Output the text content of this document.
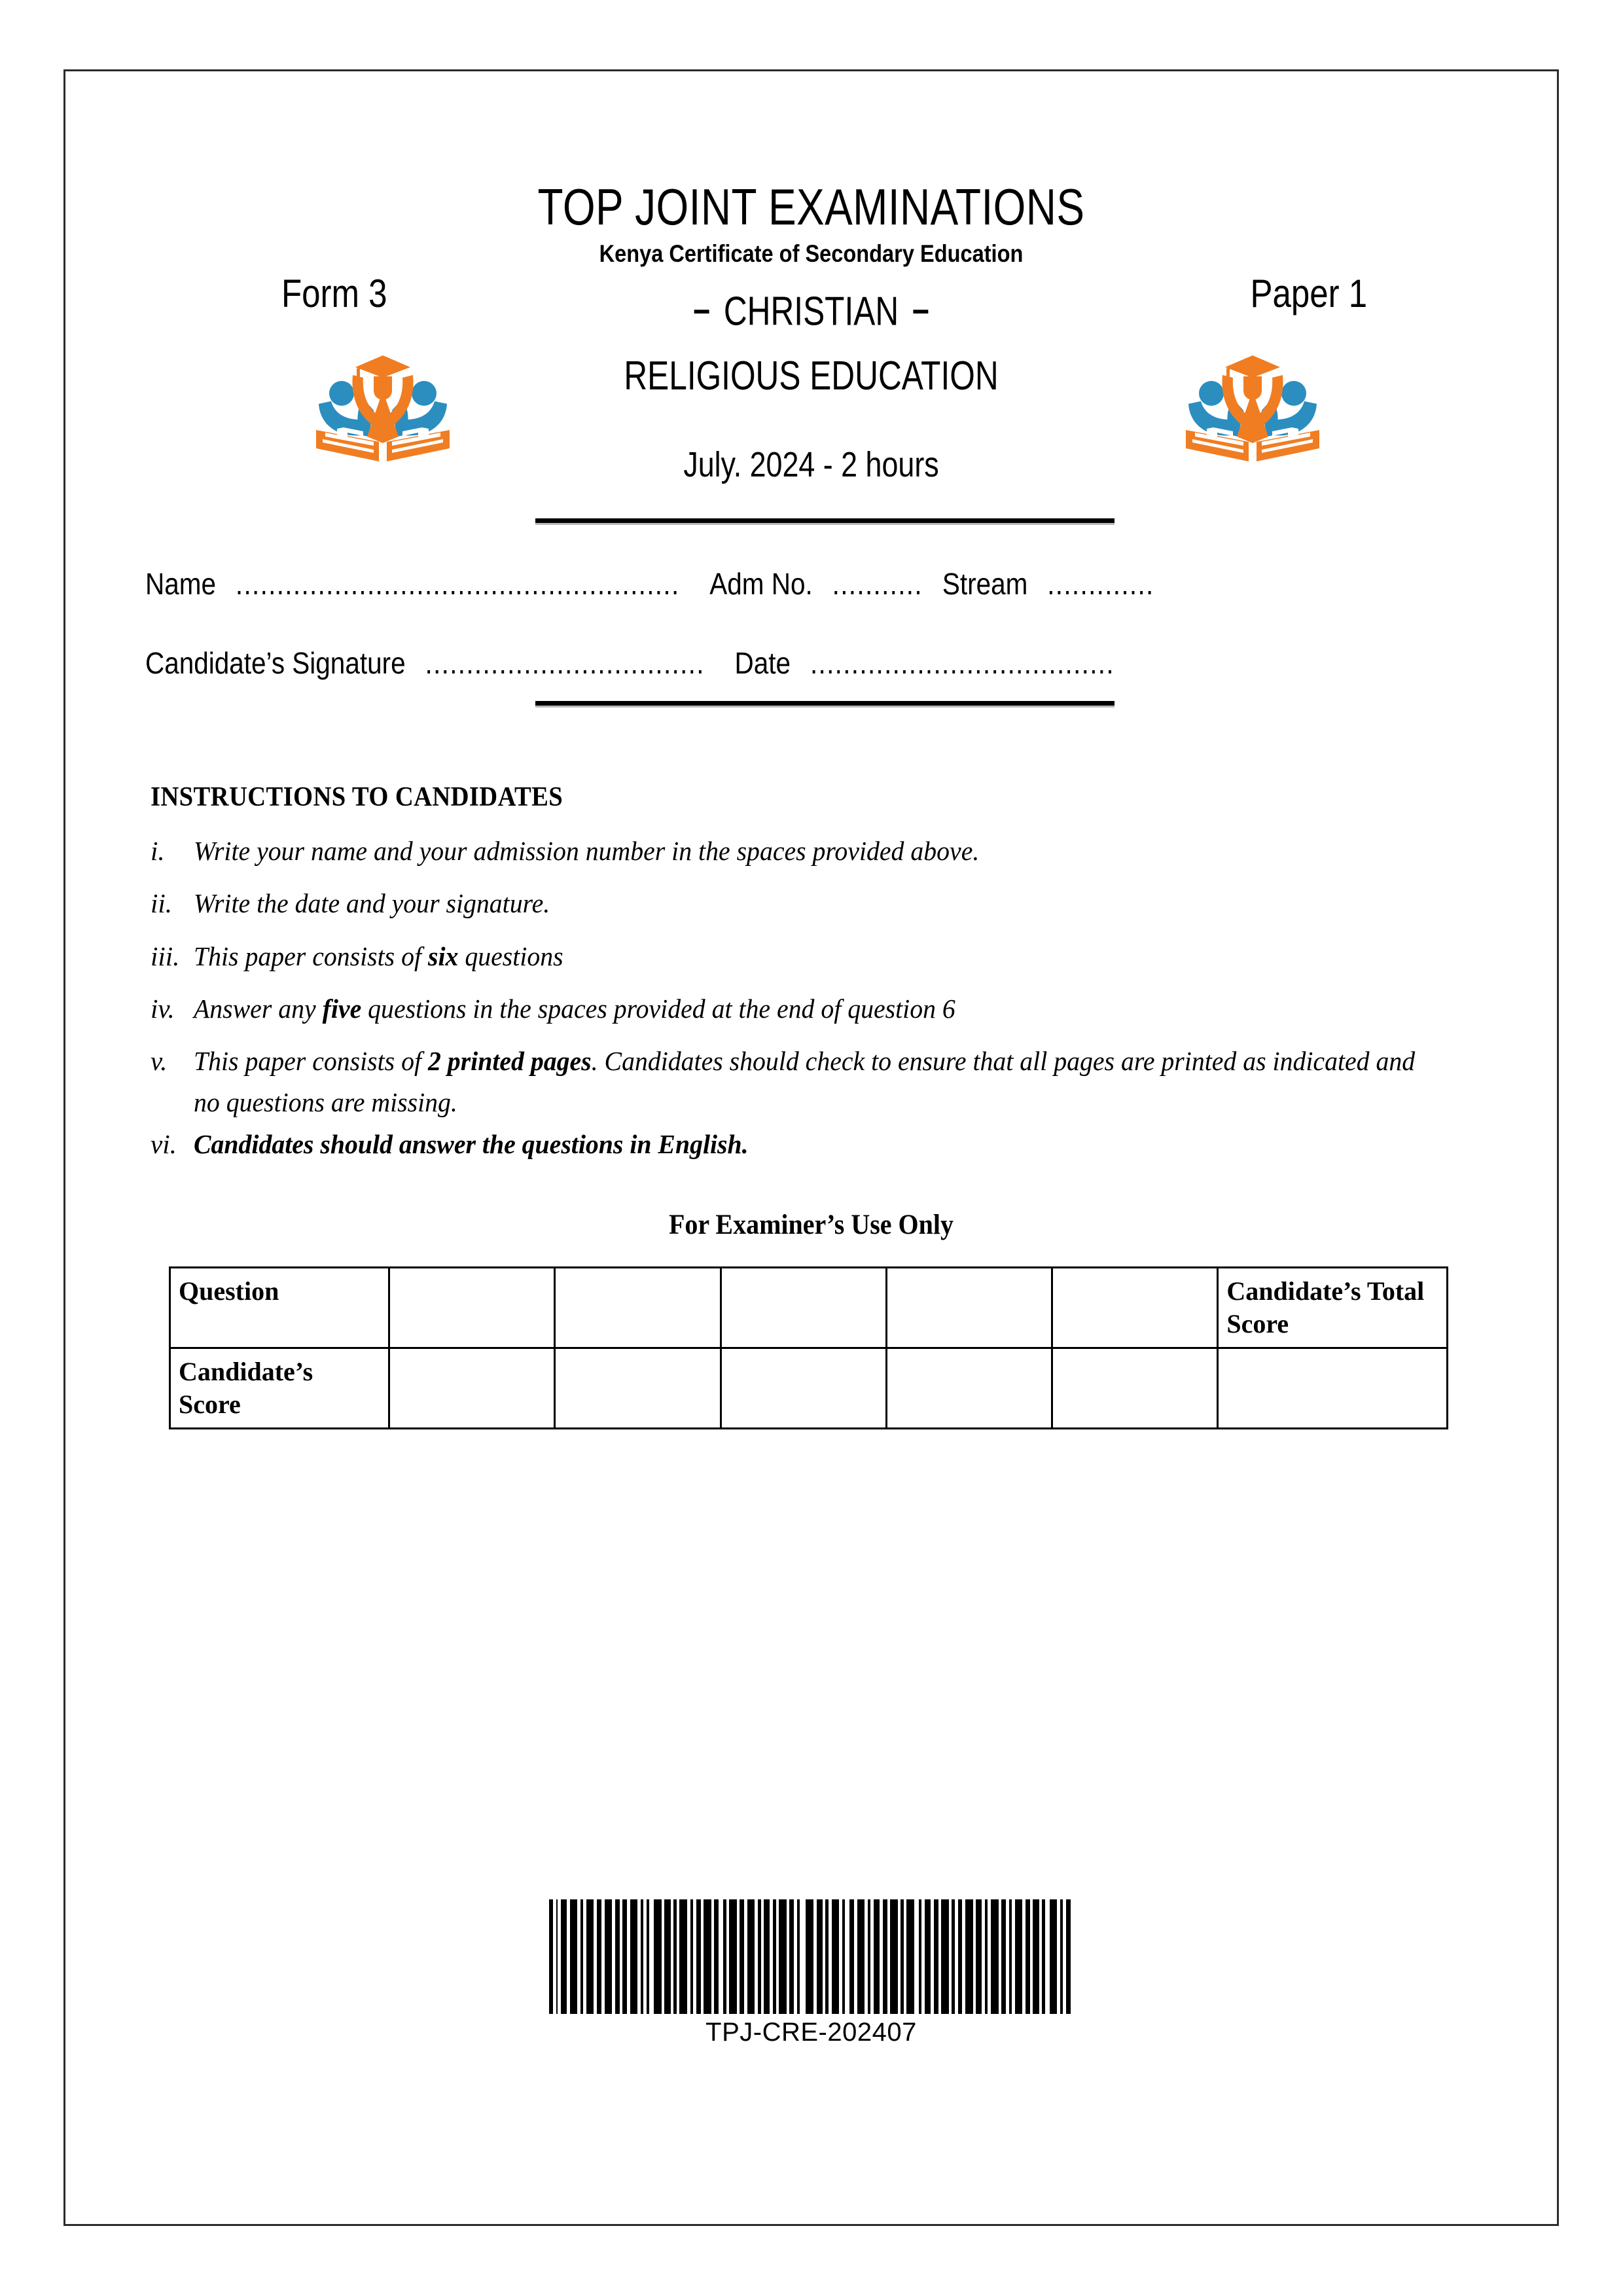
TOP JOINT EXAMINATIONS
Kenya Certificate of Secondary Education
Form 3	Paper 1
– CHRISTIAN –
RELIGIOUS EDUCATION
July. 2024 - 2 hours
Name ...................................................... Adm No. ........... Stream .............
Candidate’s Signature .................................. Date .....................................
INSTRUCTIONS TO CANDIDATES
i.	Write your name and your admission number in the spaces provided above.
ii. Write the date and your signature.
iii. This paper consists of six questions
iv. Answer any five questions in the spaces provided at the end of question 6
v. This paper consists of 2 printed pages. Candidates should check to ensure that all pages are printed as indicated and no questions are missing.
vi. Candidates should answer the questions in English.
For Examiner’s Use Only
Question						Candidate’s Total Score
Candidate’s Score						
TPJ-CRE-202407
